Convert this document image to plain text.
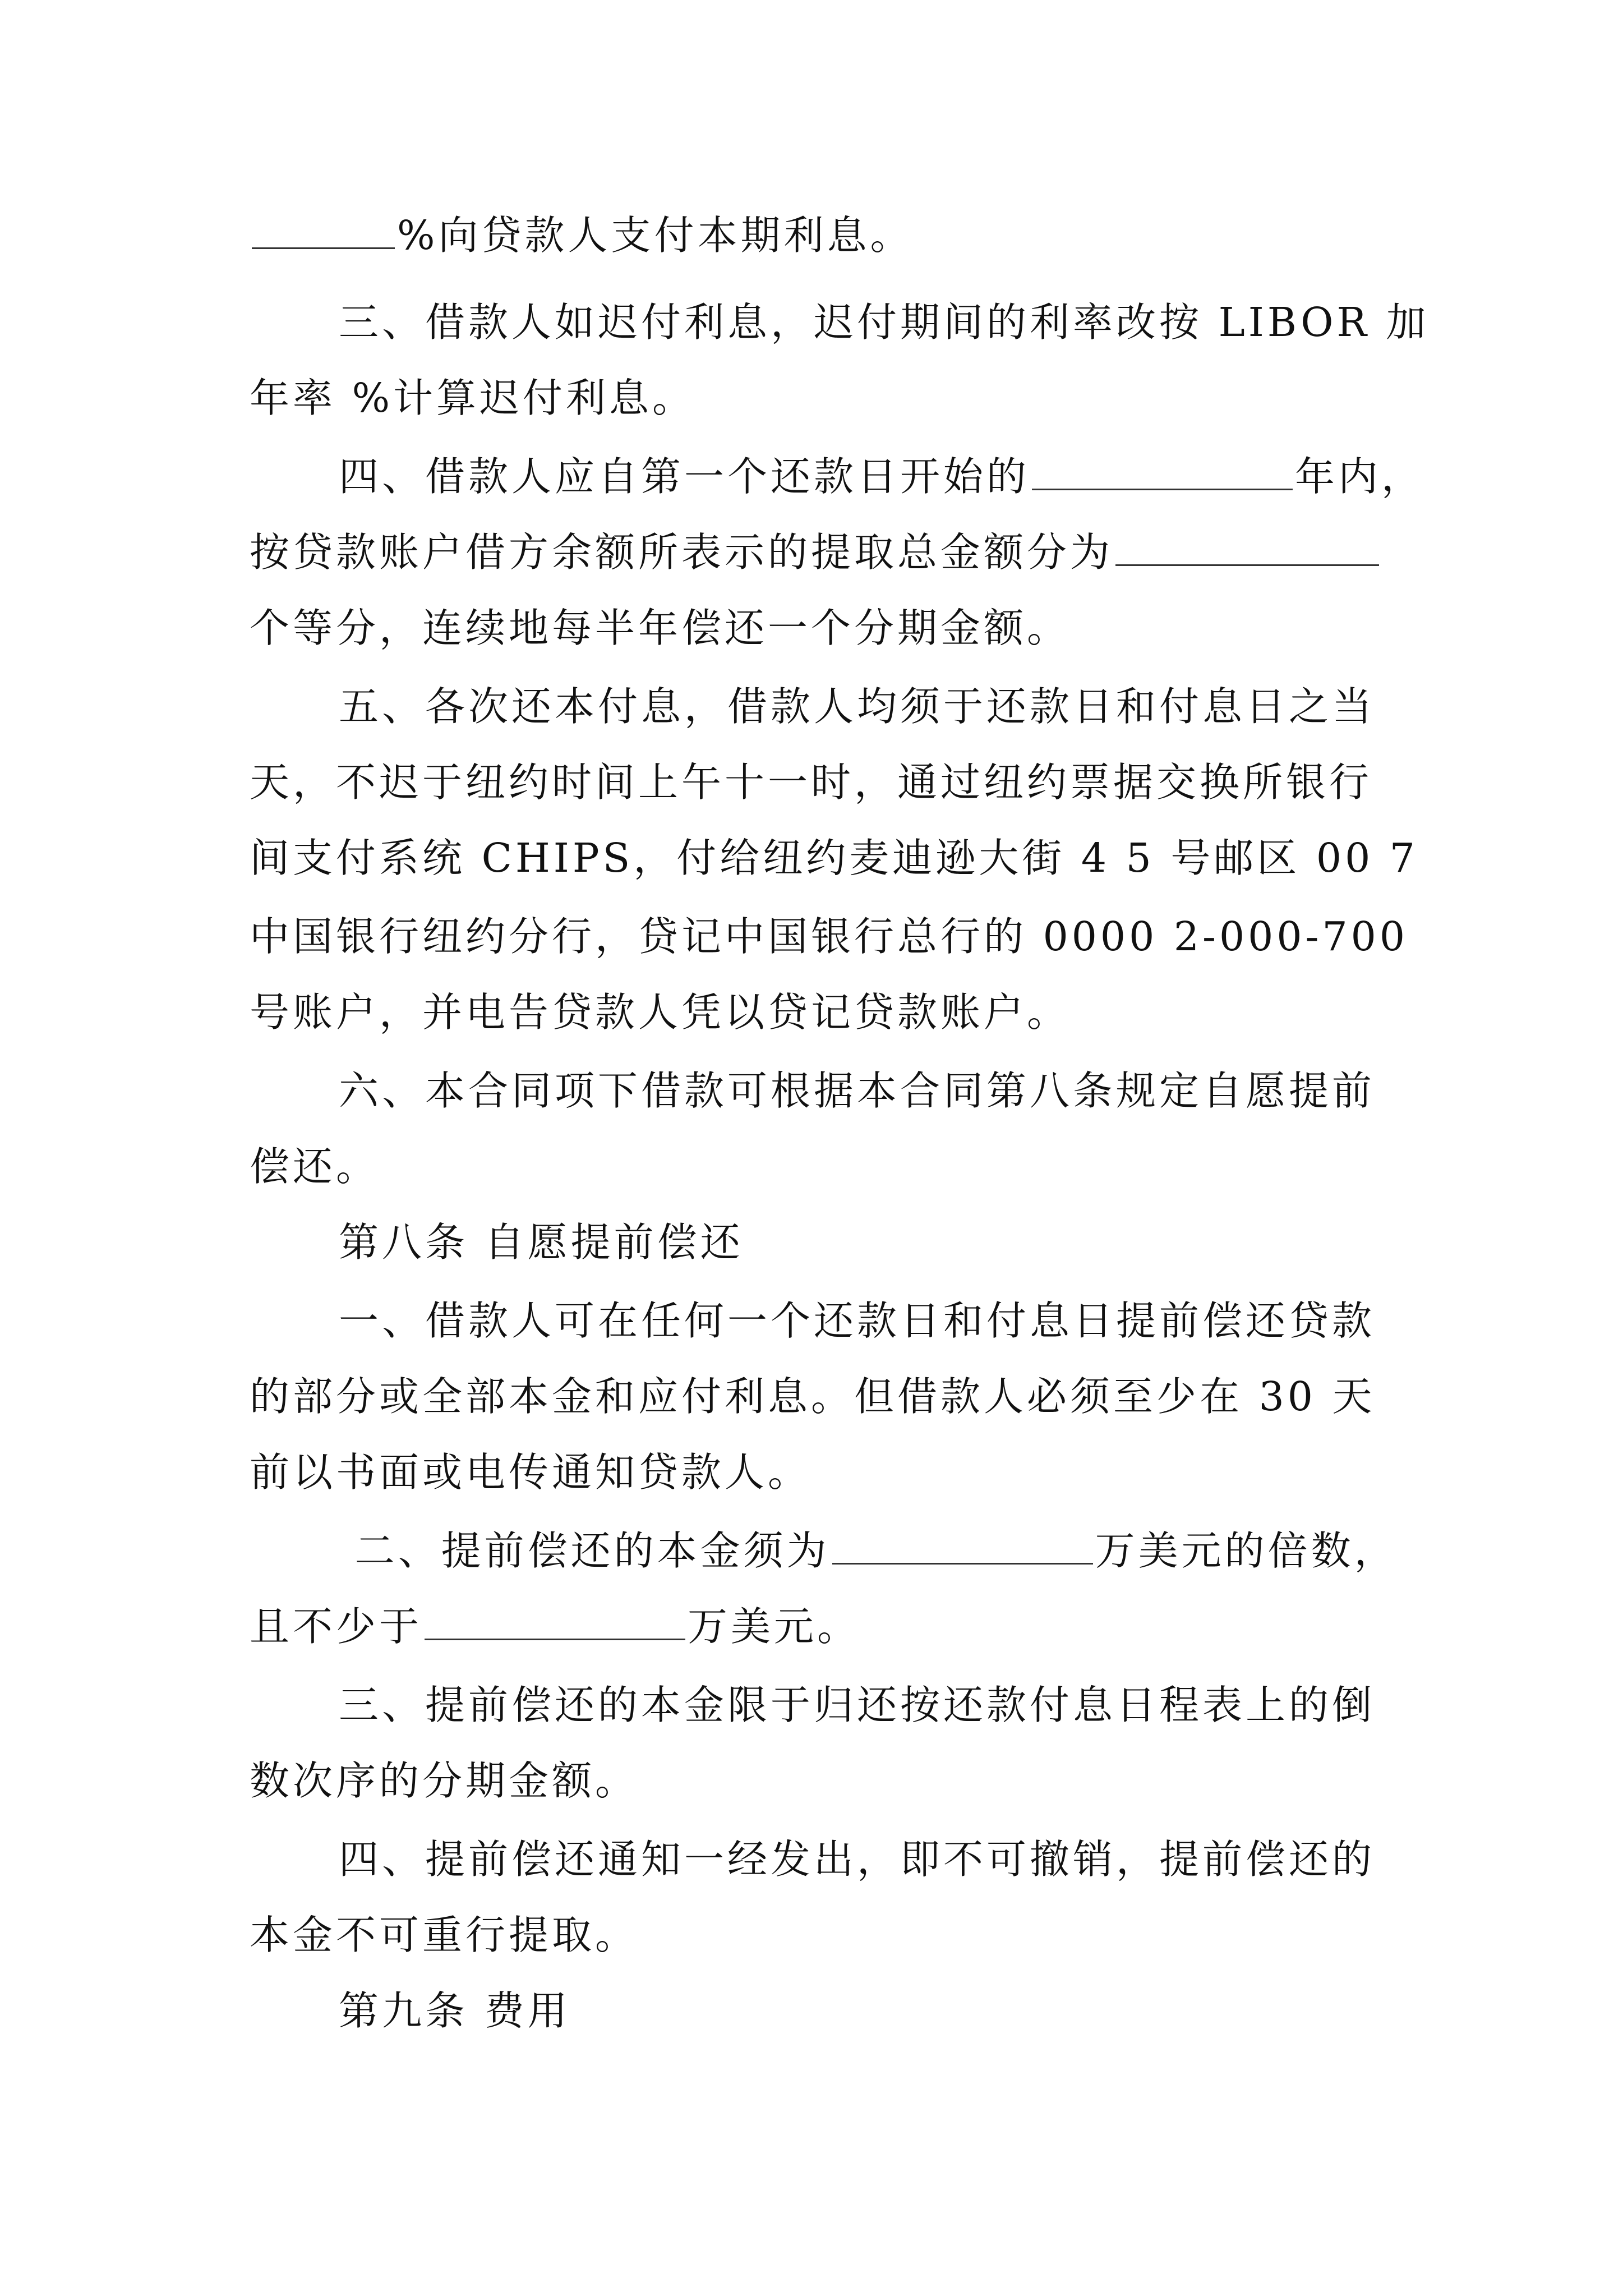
%向贷款人支付本期利息。
三、借款人如迟付利息，迟付期间的利率改按 LIBOR 加
年率 %计算迟付利息。
四、借款人应自第一个还款日开始的	年内，
按贷款账户借方余额所表示的提取总金额分为
个等分，连续地每半年偿还一个分期金额。
五、各次还本付息，借款人均须于还款日和付息日之当
天，不迟于纽约时间上午十一时，通过纽约票据交换所银行
间支付系统 CHIPS，付给纽约麦迪逊大街 4 5 号邮区 00 7
中国银行纽约分行，贷记中国银行总行的 0000 2-000-700
号账户，并电告贷款人凭以贷记贷款账户。
六、本合同项下借款可根据本合同第八条规定自愿提前
偿还。
第八条 自愿提前偿还
一、借款人可在任何一个还款日和付息日提前偿还贷款
的部分或全部本金和应付利息。但借款人必须至少在 30 天
前以书面或电传通知贷款人。
二、提前偿还的本金须为	万美元的倍数，
且不少于	万美元。
三、提前偿还的本金限于归还按还款付息日程表上的倒
数次序的分期金额。
四、提前偿还通知一经发出，即不可撤销，提前偿还的
本金不可重行提取。
第九条 费用
